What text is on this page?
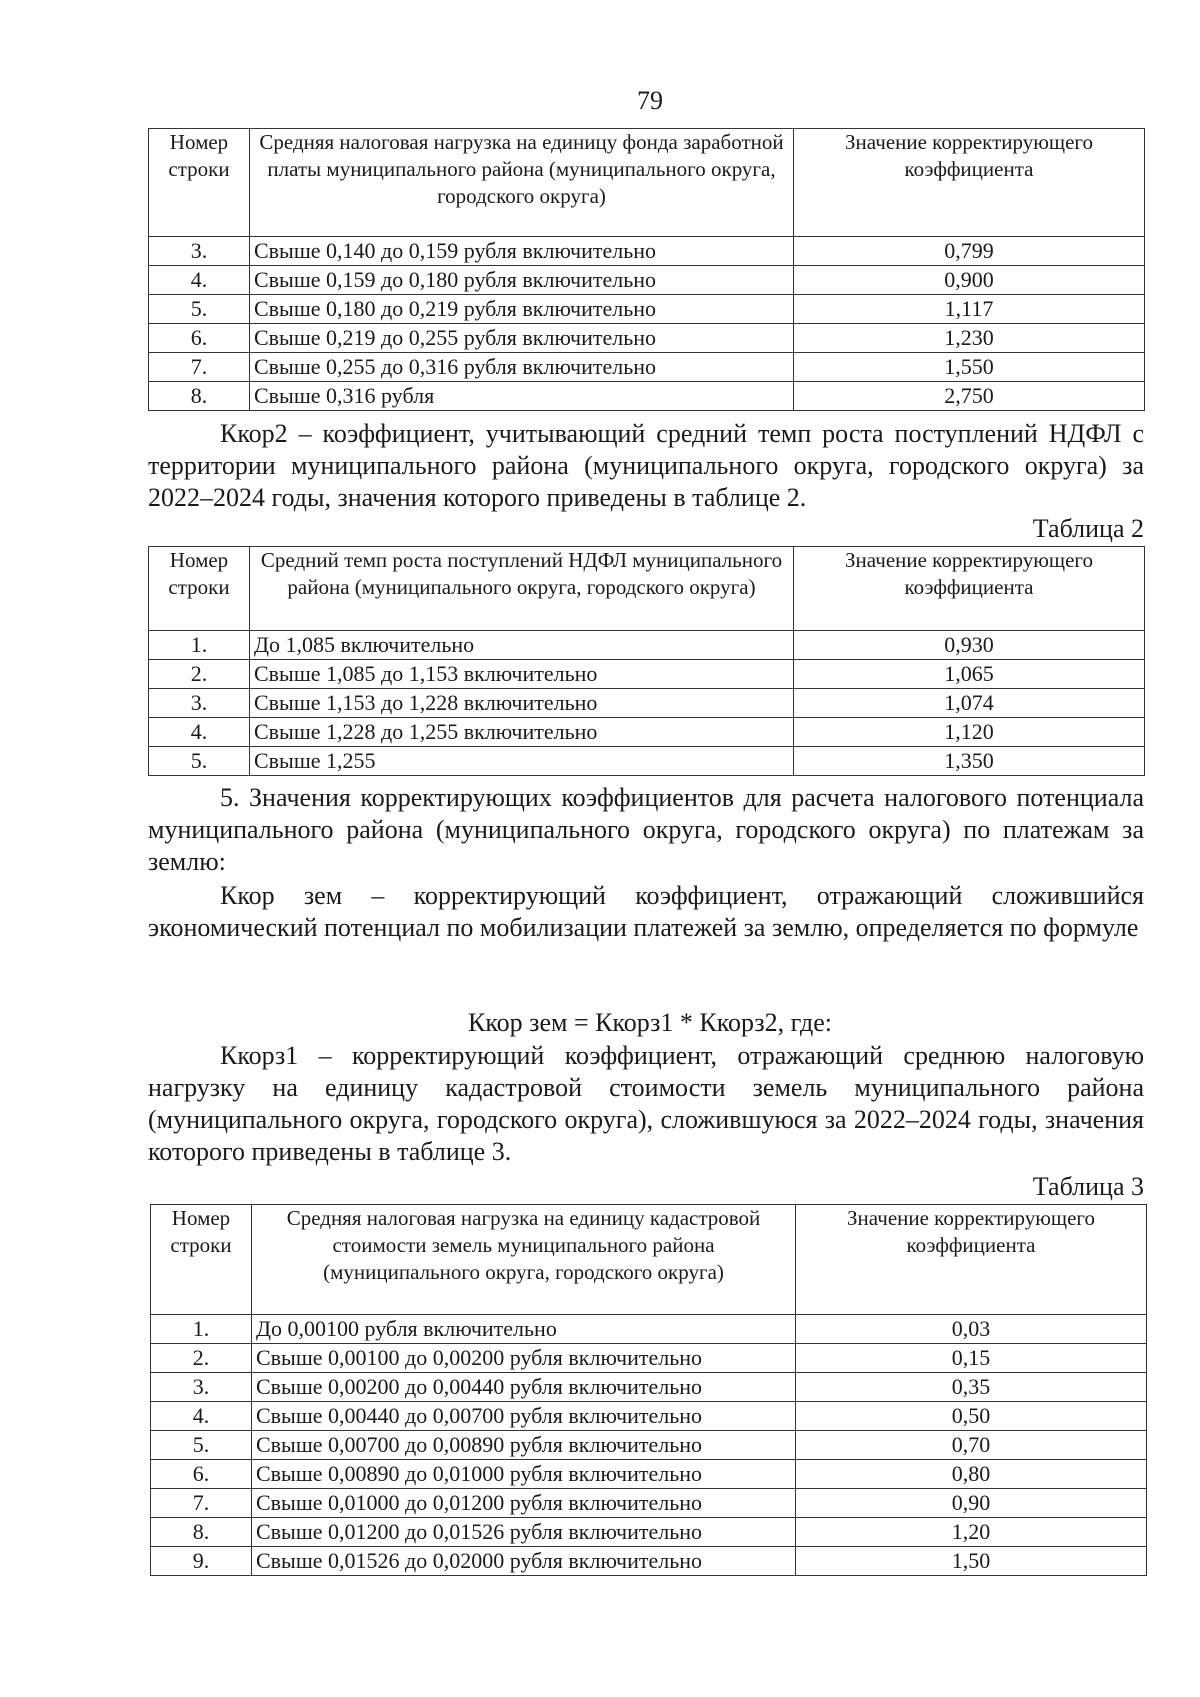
79
Номер строки	Средняя налоговая нагрузка на единицу фонда заработной платы муниципального района (муниципального округа, городского округа)	Значение корректирующего коэффициента
3.	Свыше 0,140 до 0,159 рубля включительно	0,799
4.	Свыше 0,159 до 0,180 рубля включительно	0,900
5.	Свыше 0,180 до 0,219 рубля включительно	1,117
6.	Свыше 0,219 до 0,255 рубля включительно	1,230
7.	Свыше 0,255 до 0,316 рубля включительно	1,550
8.	Свыше 0,316 рубля	2,750
Ккор2 – коэффициент, учитывающий средний темп роста поступлений НДФЛ с территории муниципального района (муниципального округа, городского округа) за 2022–2024 годы, значения которого приведены в таблице 2.
Таблица 2
Номер строки	Средний темп роста поступлений НДФЛ муниципального района (муниципального округа, городского округа)	Значение корректирующего коэффициента
1.	До 1,085 включительно	0,930
2.	Свыше 1,085 до 1,153 включительно	1,065
3.	Свыше 1,153 до 1,228 включительно	1,074
4.	Свыше 1,228 до 1,255 включительно	1,120
5.	Свыше 1,255	1,350
5. Значения корректирующих коэффициентов для расчета налогового потенциала муниципального района (муниципального округа, городского округа) по платежам за землю:
Ккор зем – корректирующий коэффициент, отражающий сложившийся экономический потенциал по мобилизации платежей за землю, определяется по формуле
Ккор зем = Ккорз1 * Ккорз2, где:
Ккорз1 – корректирующий коэффициент, отражающий среднюю налоговую нагрузку на единицу кадастровой стоимости земель муниципального района (муниципального округа, городского округа), сложившуюся за 2022–2024 годы, значения которого приведены в таблице 3.
Таблица 3
Номер строки	Средняя налоговая нагрузка на единицу кадастровой стоимости земель муниципального района (муниципального округа, городского округа)	Значение корректирующего коэффициента
1.	До 0,00100 рубля включительно	0,03
2.	Свыше 0,00100 до 0,00200 рубля включительно	0,15
3.	Свыше 0,00200 до 0,00440 рубля включительно	0,35
4.	Свыше 0,00440 до 0,00700 рубля включительно	0,50
5.	Свыше 0,00700 до 0,00890 рубля включительно	0,70
6.	Свыше 0,00890 до 0,01000 рубля включительно	0,80
7.	Свыше 0,01000 до 0,01200 рубля включительно	0,90
8.	Свыше 0,01200 до 0,01526 рубля включительно	1,20
9.	Свыше 0,01526 до 0,02000 рубля включительно	1,50
